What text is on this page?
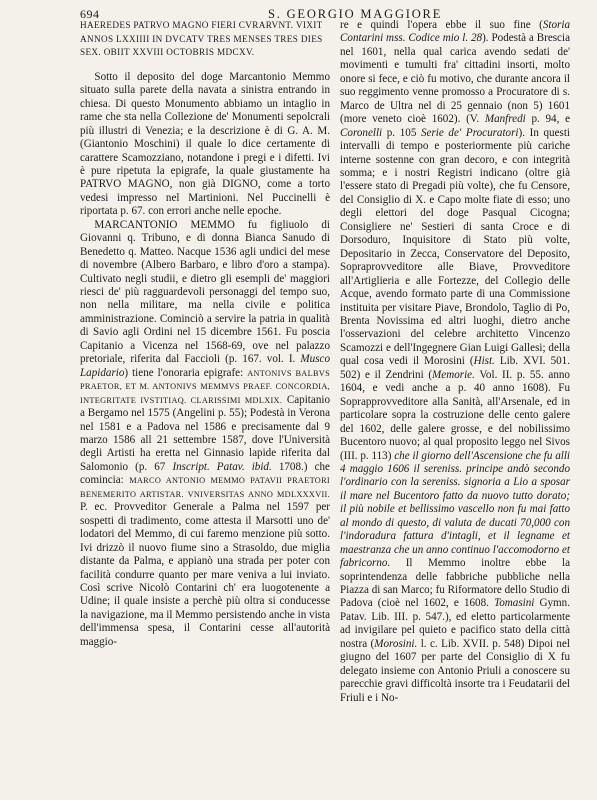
694	S. GEORGIO MAGGIORE

HAEREDES PATRVO MAGNO FIERI CVRARVNT. VIXIT ANNOS LXXIIII IN DVCATV TRES MENSES TRES DIES SEX. OBIIT XXVIII OCTOBRIS MDCXV.

Sotto il deposito del doge Marcantonio Memmo situato sulla parete della navata a sinistra entrando in chiesa. Di questo Monumento abbiamo un intaglio in rame che sta nella Collezione de' Monumenti sepolcrali più illustri di Venezia; e la descrizione è di G. A. M. (Giantonio Moschini) il quale lo dice certamente di carattere Scamozziano, notandone i pregi e i difetti. Ivi è pure ripetuta la epigrafe, la quale giustamente ha PATRVO MAGNO, non già DIGNO, come a torto vedesi impresso nel Martinioni. Nel Puccinelli è riportata p. 67. con errori anche nelle epoche.

MARCANTONIO MEMMO fu figliuolo di Giovanni q. Tribuno, e di donna Bianca Sanudo di Benedetto q. Matteo. Nacque 1536 agli undici del mese di novembre (Albero Barbaro, e libro d'oro a stampa). Cultivato negli studii, e dietro gli esempli de' maggiori riesci de' più ragguardevoli personaggi del tempo suo, non nella militare, ma nella civile e politica amministrazione. Cominciò a servire la patria in qualità di Savio agli Ordini nel 15 dicembre 1561. Fu poscia Capitanio a Vicenza nel 1568-69, ove nel palazzo pretoriale, riferita dal Faccioli (p. 167. vol. I. Musco Lapidario) tiene l'onoraria epigrafe: ANTONIVS BALBVS PRAETOR, ET M. ANTONIVS MEMMVS PRAEF. CONCORDIA, INTEGRITATE IVSTITIAQ. CLARISSIMI MDLXIX. Capitanio a Bergamo nel 1575 (Angelini p. 55); Podestà in Verona nel 1581 e a Padova nel 1586 e precisamente dal 9 marzo 1586 all 21 settembre 1587, dove l'Università degli Artisti ha eretta nel Ginnasio lapide riferita dal Salomonio (p. 67 Inscript. Patav. ibid. 1708.) che comincia: MARCO ANTONIO MEMMO PATAVII PRAETORI BENEMERITO ARTISTAR. VNIVERSITAS ANNO MDLXXXVII. P. ec. Provveditor Generale a Palma nel 1597 per sospetti di tradimento, come attesta il Marsotti uno de' lodatori del Memmo, di cui faremo menzione più sotto. Ivi drizzò il nuovo fiume sino a Strasoldo, due miglia distante da Palma, e appianò una strada per poter con facilità condurre quanto per mare veniva a lui inviato. Così scrive Nicolò Contarini ch' era luogotenente a Udine; il quale insiste a perchè più oltra si conducesse la navigazione, ma il Memmo persistendo anche in vista dell'immensa spesa, il Contarini cesse all'autorità maggio-

re e quindi l'opera ebbe il suo fine (Storia Contarini mss. Codice mio l. 28). Podestà a Brescia nel 1601, nella qual carica avendo sedati de' movimenti e tumulti fra' cittadini insorti, molto onore si fece, e ciò fu motivo, che durante ancora il suo reggimento venne promosso a Procuratore di s. Marco de Ultra nel di 25 gennaio (non 5) 1601 (more veneto cioè 1602). (V. Manfredi p. 94, e Coronelli p. 105 Serie de' Procuratori). In questi intervalli di tempo e posteriormente più cariche interne sostenne con gran decoro, e con integrità somma; e i nostri Registri indicano (oltre già l'essere stato di Pregadi più volte), che fu Censore, del Consiglio di X. e Capo molte fiate di esso; uno degli elettori del doge Pasqual Cicogna; Consigliere ne' Sestieri di santa Croce e di Dorsoduro, Inquisitore di Stato più volte, Depositario in Zecca, Conservatore del Deposito, Sopraprovveditore alle Biave, Provveditore all'Artiglieria e alle Fortezze, del Collegio delle Acque, avendo formato parte di una Commissione instituita per visitare Piave, Brondolo, Taglio di Po, Brenta Novissima ed altri luoghi, dietro anche l'osservazioni del celebre architetto Vincenzo Scamozzi e dell'Ingegnere Gian Luigi Gallesi; della qual cosa vedi il Morosini (Hist. Lib. XVI. 501. 502) e il Zendrini (Memorie. Vol. II. p. 55. anno 1604, e vedi anche a p. 40 anno 1608). Fu Soprapprovveditore alla Sanità, all'Arsenale, ed in particolare sopra la costruzione delle cento galere del 1602, delle galere grosse, e del nobilissimo Bucentoro nuovo; al qual proposito leggo nel Sivos (III. p. 113) che il giorno dell'Ascensione che fu alli 4 maggio 1606 il sereniss. principe andò secondo l'ordinario con la sereniss. signoria a Lio a sposar il mare nel Bucentoro fatto da nuovo tutto dorato; il più nobile et bellissimo vascello non fu mai fatto al mondo di questo, di valuta de ducati 70,000 con l'indoradura fattura d'intagli, et il legname et maestranza che un anno continuo l'accomodorno et fabricorno. Il Memmo inoltre ebbe la soprintendenza delle fabbriche pubbliche nella Piazza di san Marco; fu Riformatore dello Studio di Padova (cioè nel 1602, e 1608. Tomasini Gymn. Patav. Lib. III. p. 547.), ed eletto particolarmente ad invigilare pel quieto e pacifico stato della città nostra (Morosini. l. c. Lib. XVII. p. 548) Dipoi nel giugno del 1607 per parte del Consiglio di X fu delegato insieme con Antonio Priuli a conoscere su parecchie gravi difficoltà insorte tra i Feudatarii del Friuli e i No-
